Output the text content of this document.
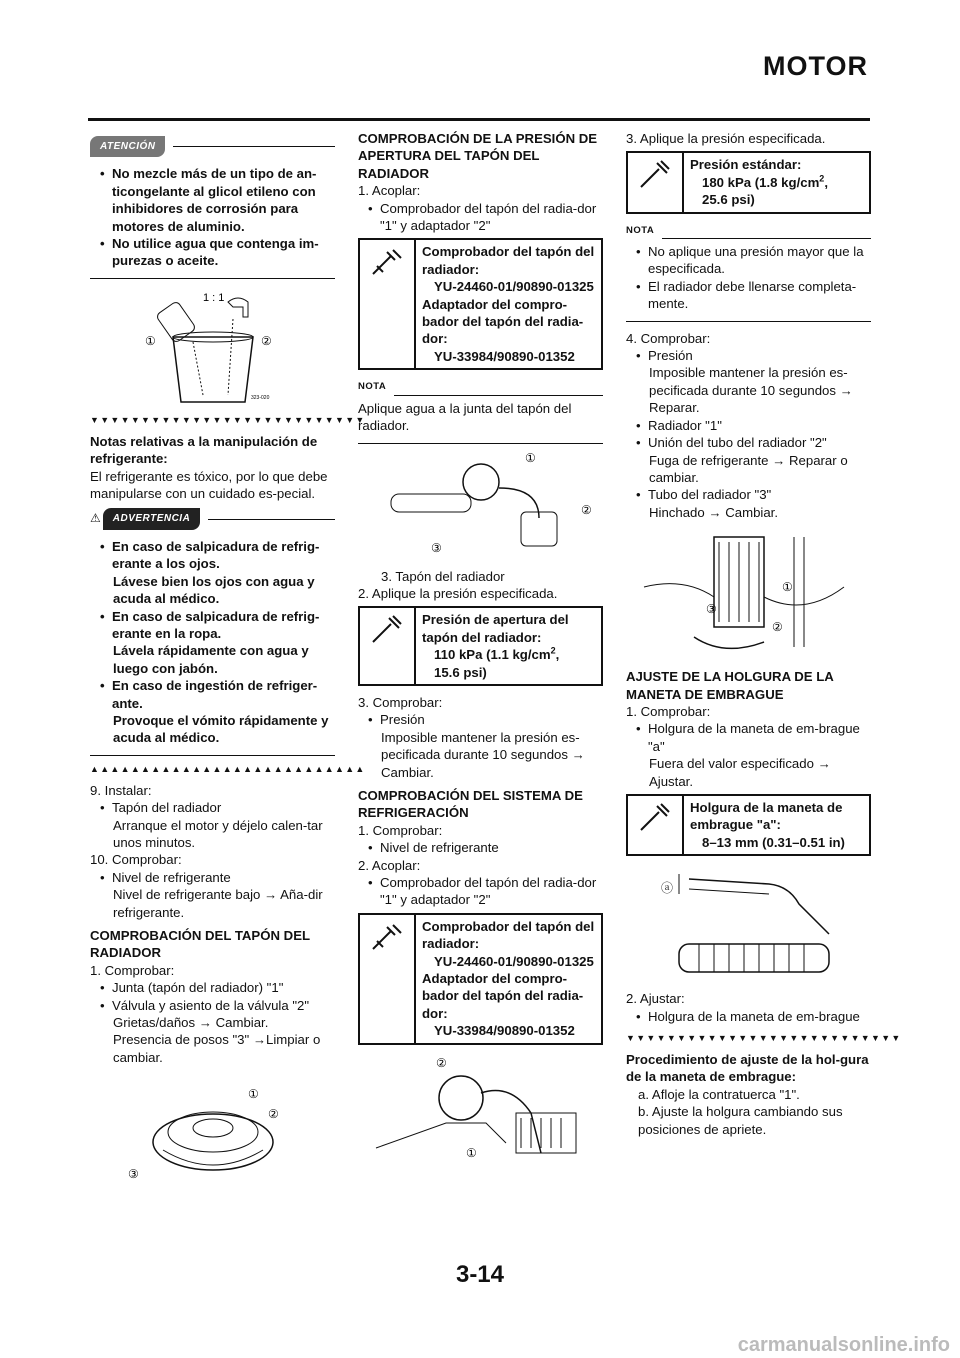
MOTOR
ATENCIÓN
• No mezcle más de un tipo de an-ticongelante al glicol etileno con inhibidores de corrosión para motores de aluminio.
• No utilice agua que contenga im-purezas o aceite.
1 : 1
①	②
323-020
▼▼▼▼▼▼▼▼▼▼▼▼▼▼▼▼▼▼▼▼▼▼▼▼▼▼▼
Notas relativas a la manipulación de refrigerante:
El refrigerante es tóxico, por lo que debe manipularse con un cuidado es-pecial.
⚠	ADVERTENCIA
• En caso de salpicadura de refrig-erante a los ojos.
Lávese bien los ojos con agua y acuda al médico.
• En caso de salpicadura de refrig-erante en la ropa.
Lávela rápidamente con agua y luego con jabón.
• En caso de ingestión de refriger-ante.
Provoque el vómito rápidamente y acuda al médico.
▲▲▲▲▲▲▲▲▲▲▲▲▲▲▲▲▲▲▲▲▲▲▲▲▲▲▲
9. Instalar:
• Tapón del radiador
Arranque el motor y déjelo calen-tar unos minutos.
10. Comprobar:
• Nivel de refrigerante
Nivel de refrigerante bajo → Aña-dir refrigerante.
COMPROBACIÓN DEL TAPÓN DEL RADIADOR
1. Comprobar:
• Junta (tapón del radiador) "1"
• Válvula y asiento de la válvula "2"
Grietas/daños → Cambiar.
Presencia de posos "3" →Limpiar o cambiar.
①
②
③
COMPROBACIÓN DE LA PRESIÓN DE APERTURA DEL TAPÓN DEL RADIADOR
1. Acoplar:
• Comprobador del tapón del radia-dor "1" y adaptador "2"
Comprobador del tapón del radiador:
YU-24460-01/90890-01325
Adaptador del compro-bador del tapón del radia-dor:
YU-33984/90890-01352
NOTA
Aplique agua a la junta del tapón del radiador.
①
②
③
3. Tapón del radiador
2. Aplique la presión especificada.
Presión de apertura del tapón del radiador:
110 kPa (1.1 $kg/cm^2$,
15.6 psi)
3. Comprobar:
• Presión
Imposible mantener la presión es-pecificada durante 10 segundos → Cambiar.
COMPROBACIÓN DEL SISTEMA DE REFRIGERACIÓN
1. Comprobar:
• Nivel de refrigerante
2. Acoplar:
• Comprobador del tapón del radia-dor "1" y adaptador "2"
Comprobador del tapón del radiador:
YU-24460-01/90890-01325
Adaptador del compro-bador del tapón del radia-dor:
YU-33984/90890-01352
②
①
3. Aplique la presión especificada.
Presión estándar:
180 kPa (1.8 $kg/cm^2$,
25.6 psi)
NOTA
• No aplique una presión mayor que la especificada.
• El radiador debe llenarse completa-mente.
4. Comprobar:
• Presión
Imposible mantener la presión es-pecificada durante 10 segundos → Reparar.
• Radiador "1"
• Unión del tubo del radiador "2"
Fuga de refrigerante → Reparar o cambiar.
• Tubo del radiador "3"
Hinchado → Cambiar.
①
②
③
AJUSTE DE LA HOLGURA DE LA MANETA DE EMBRAGUE
1. Comprobar:
• Holgura de la maneta de em-brague "a"
Fuera del valor especificado → Ajustar.
Holgura de la maneta de embrague "a":
8–13 mm (0.31–0.51 in)
ⓐ
2. Ajustar:
• Holgura de la maneta de em-brague
▼▼▼▼▼▼▼▼▼▼▼▼▼▼▼▼▼▼▼▼▼▼▼▼▼▼▼
Procedimiento de ajuste de la hol-gura de la maneta de embrague:
a. Afloje la contratuerca "1".
b. Ajuste la holgura cambiando sus posiciones de apriete.
3-14
carmanualsonline.info
